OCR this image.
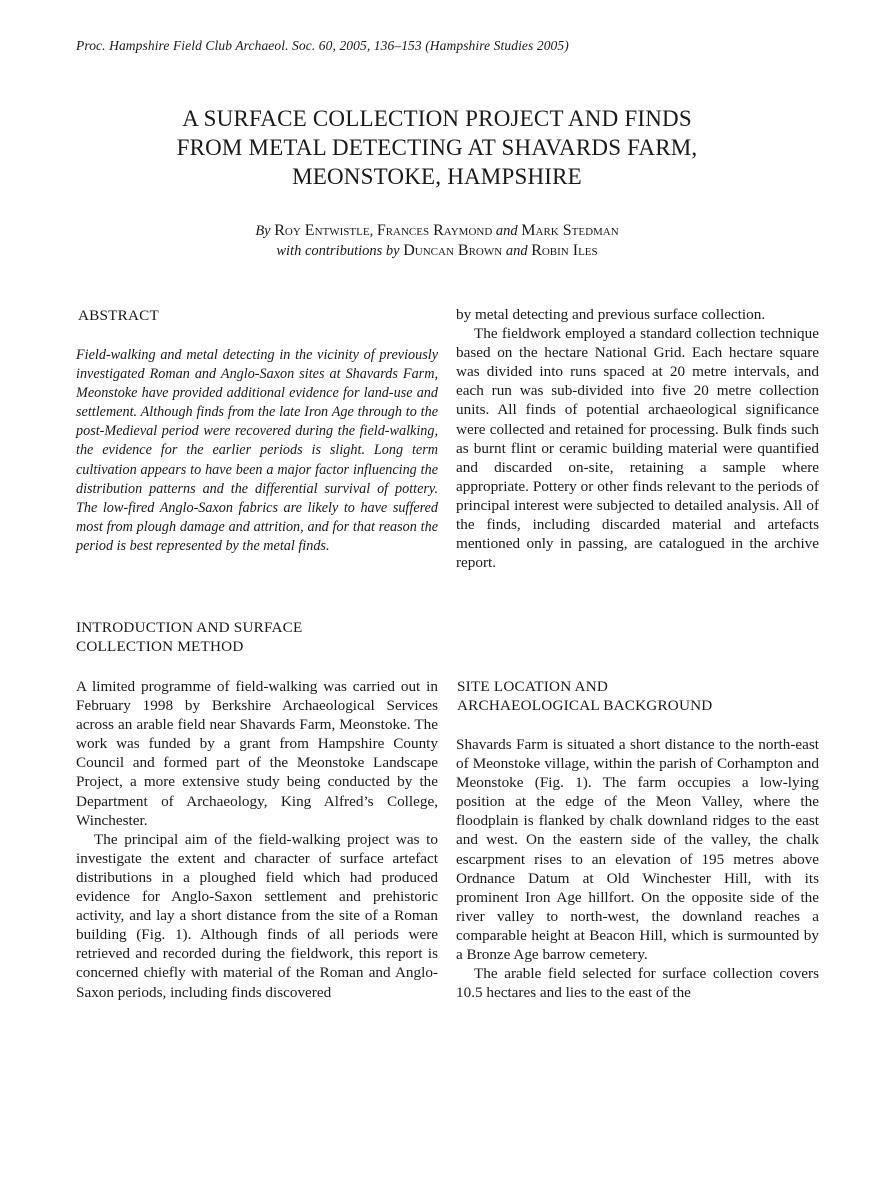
Proc. Hampshire Field Club Archaeol. Soc. 60, 2005, 136–153 (Hampshire Studies 2005)
A SURFACE COLLECTION PROJECT AND FINDS
FROM METAL DETECTING AT SHAVARDS FARM,
MEONSTOKE, HAMPSHIRE
By Roy Entwistle, Frances Raymond and Mark Stedman
with contributions by Duncan Brown and Robin Iles
ABSTRACT
Field-walking and metal detecting in the vicinity of previously investigated Roman and Anglo-Saxon sites at Shavards Farm, Meonstoke have provided additional evidence for land-use and settlement. Although finds from the late Iron Age through to the post-Medieval period were recovered during the field-walking, the evidence for the earlier periods is slight. Long term cultivation appears to have been a major factor influencing the distribution patterns and the differential survival of pottery. The low-fired Anglo-Saxon fabrics are likely to have suffered most from plough damage and attrition, and for that reason the period is best represented by the metal finds.
INTRODUCTION AND SURFACE
COLLECTION METHOD

A limited programme of field-walking was carried out in February 1998 by Berkshire Archaeological Services across an arable field near Shavards Farm, Meonstoke. The work was funded by a grant from Hampshire County Council and formed part of the Meonstoke Landscape Project, a more extensive study being conducted by the Department of Archaeology, King Alfred’s College, Winchester.

The principal aim of the field-walking project was to investigate the extent and character of surface artefact distributions in a ploughed field which had produced evidence for Anglo-Saxon settlement and prehistoric activity, and lay a short distance from the site of a Roman building (Fig. 1). Although finds of all periods were retrieved and recorded during the fieldwork, this report is concerned chiefly with material of the Roman and Anglo-Saxon periods, including finds discovered

by metal detecting and previous surface collection.

The fieldwork employed a standard collection technique based on the hectare National Grid. Each hectare square was divided into runs spaced at 20 metre intervals, and each run was sub-divided into five 20 metre collection units. All finds of potential archaeological significance were collected and retained for processing. Bulk finds such as burnt flint or ceramic building material were quantified and discarded on-site, retaining a sample where appropriate. Pottery or other finds relevant to the periods of principal interest were subjected to detailed analysis. All of the finds, including discarded material and artefacts mentioned only in passing, are catalogued in the archive report.

SITE LOCATION AND
ARCHAEOLOGICAL BACKGROUND

Shavards Farm is situated a short distance to the north-east of Meonstoke village, within the parish of Corhampton and Meonstoke (Fig. 1). The farm occupies a low-lying position at the edge of the Meon Valley, where the floodplain is flanked by chalk downland ridges to the east and west. On the eastern side of the valley, the chalk escarpment rises to an elevation of 195 metres above Ordnance Datum at Old Winchester Hill, with its prominent Iron Age hillfort. On the opposite side of the river valley to north-west, the downland reaches a comparable height at Beacon Hill, which is surmounted by a Bronze Age barrow cemetery.

The arable field selected for surface collection covers 10.5 hectares and lies to the east of the
